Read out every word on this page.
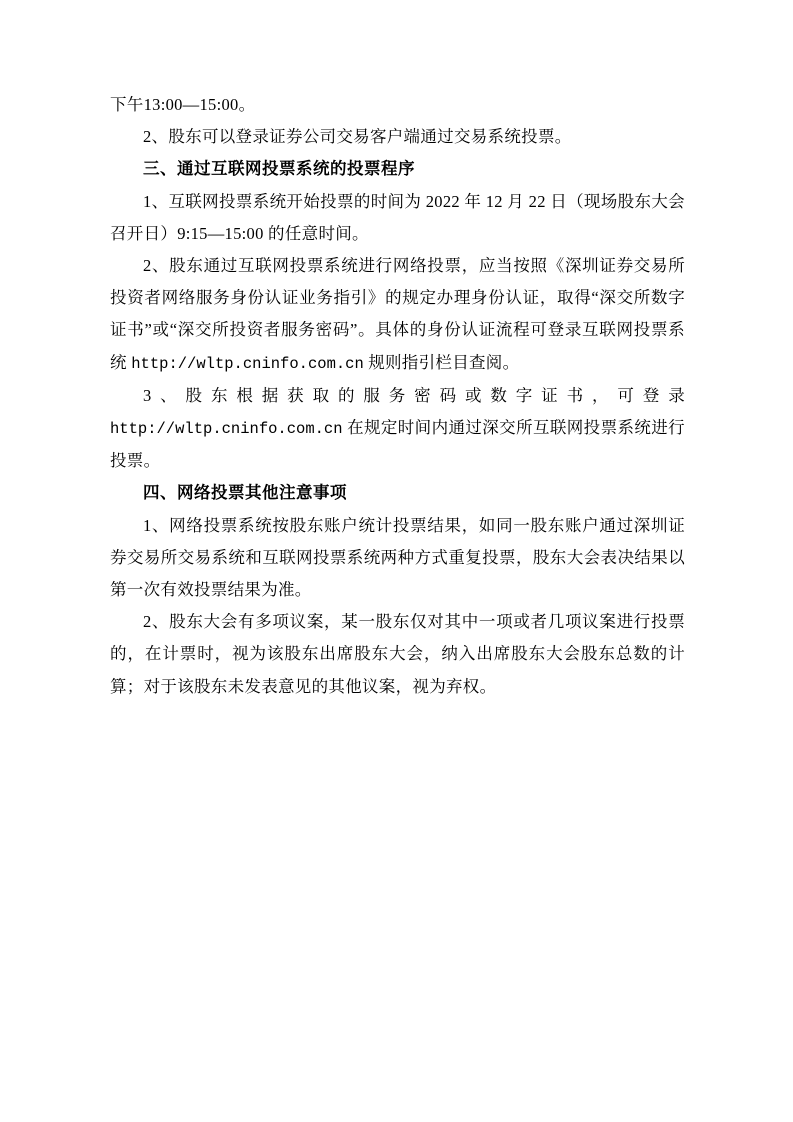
下午13:00—15:00。

2、股东可以登录证券公司交易客户端通过交易系统投票。

三、通过互联网投票系统的投票程序

1、互联网投票系统开始投票的时间为 2022 年 12 月 22 日（现场股东大会召开日）9:15—15:00 的任意时间。

2、股东通过互联网投票系统进行网络投票，应当按照《深圳证券交易所投资者网络服务身份认证业务指引》的规定办理身份认证，取得“深交所数字证书”或“深交所投资者服务密码”。具体的身份认证流程可登录互联网投票系统 http://wltp.cninfo.com.cn 规则指引栏目查阅。

3、股东根据获取的服务密码或数字证书，可登录 http://wltp.cninfo.com.cn 在规定时间内通过深交所互联网投票系统进行投票。

四、网络投票其他注意事项

1、网络投票系统按股东账户统计投票结果，如同一股东账户通过深圳证券交易所交易系统和互联网投票系统两种方式重复投票，股东大会表决结果以第一次有效投票结果为准。

2、股东大会有多项议案，某一股东仅对其中一项或者几项议案进行投票的，在计票时，视为该股东出席股东大会，纳入出席股东大会股东总数的计算；对于该股东未发表意见的其他议案，视为弃权。
